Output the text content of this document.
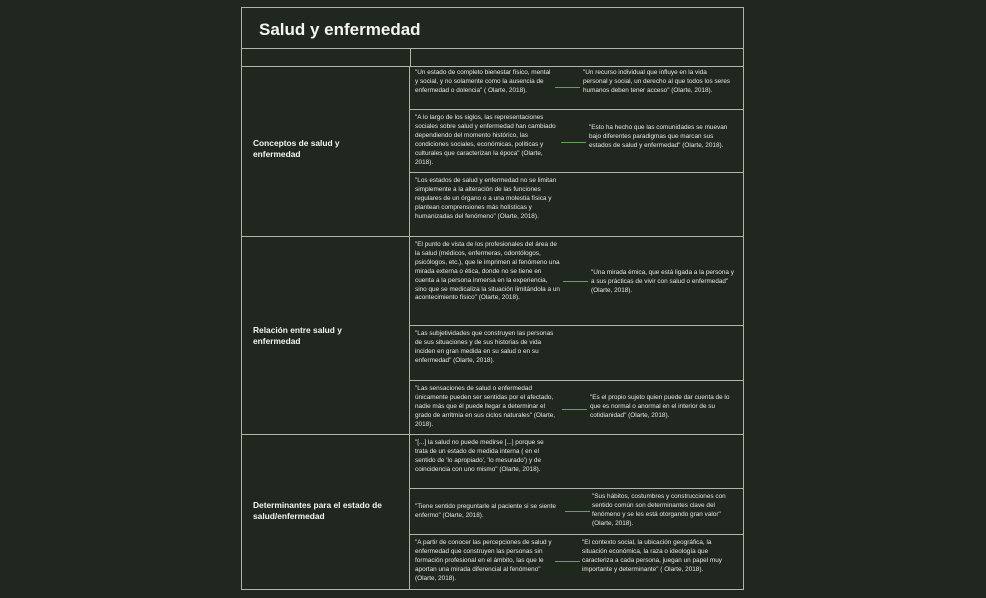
Salud y enfermedad
Conceptos de salud y enfermedad
"Un estado de completo bienestar físico, mental y social, y no solamente como la ausencia de enfermedad o dolencia" ( Olarte, 2018).
"Un recurso individual que influye en la vida personal y social, un derecho al que todos los seres humanos deben tener acceso" (Olarte, 2018).
"A lo largo de los siglos, las representaciones sociales sobre salud y enfermedad han cambiado dependiendo del momento histórico, las condiciones sociales, económicas, políticas y culturales que caracterizan la época" (Olarte, 2018).
"Esto ha hecho que las comunidades se muevan bajo diferentes paradigmas que marcan sus estados de salud y enfermedad" (Olarte, 2018).
"Los estados de salud y enfermedad no se limitan simplemente a la alteración de las funciones regulares de un órgano o a una molestia física y plantean comprensiones más holísticas y humanizadas del fenómeno" (Olarte, 2018).
Relación entre salud y enfermedad
"El punto de vista de los profesionales del área de la salud (médicos, enfermeras, odontólogos, psicólogos, etc.), que le imprimen al fenómeno una mirada externa o ética, donde no se tiene en cuenta a la persona inmersa en la experiencia, sino que se medicaliza la situación limitándola a un acontecimiento físico" (Olarte, 2018).
"Una mirada émica, que está ligada a la persona y a sus prácticas de vivir con salud o enfermedad" (Olarte, 2018).
"Las subjetividades que construyen las personas de sus situaciones y de sus historias de vida inciden en gran medida en su salud o en su enfermedad" (Olarte, 2018).
"Las sensaciones de salud o enfermedad únicamente pueden ser sentidas por el afectado, nadie más que él puede llegar a determinar el grado de arritmia en sus ciclos naturales" (Olarte, 2018).
"Es el propio sujeto quien puede dar cuenta de lo que es normal o anormal en el interior de su cotidianidad" (Olarte, 2018).
Determinantes para el estado de salud/enfermedad
"[...] la salud no puede medirse [...] porque se trata de un estado de medida interna ( en el sentido de 'lo apropiado', 'lo mesurado') y de coincidencia con uno mismo" (Olarte, 2018).
"Tiene sentido preguntarle al paciente si se siente enfermo" (Olarte, 2018).
"Sus hábitos, costumbres y construcciones con sentido común son determinantes clave del fenómeno y se les está otorgando gran valor" (Olarte, 2018).
"A partir de conocer las percepciones de salud y enfermedad que construyen las personas sin formación profesional en el ámbito, las que le aportan una mirada diferencial al fenómeno" (Olarte, 2018).
"El contexto social, la ubicación geográfica, la situación económica, la raza o ideología que caracteriza a cada persona, juegan un papel muy importante y determinante" ( Olarte, 2018).
